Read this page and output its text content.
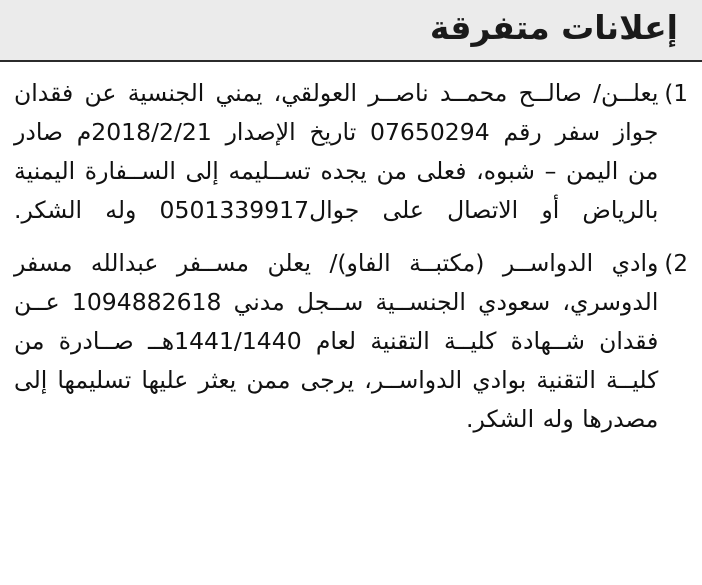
إعلانات متفرقة
1)
يعلــن/ صالــح محمــد ناصــر العولقي، يمني الجنسية عن فقدان جواز سفر رقم 07650294 تاريخ الإصدار 2018/2/21م صادر من اليمن – شبوه، فعلى من يجده تســليمه إلى الســفارة اليمنية بالرياض أو الاتصال على جوال0501339917 وله الشكر.
2)
وادي الدواســر (مكتبــة الفاو)/ يعلن مســفر عبدالله مسفر الدوسري، سعودي الجنســية ســجل مدني 1094882618 عــن فقدان شــهادة كليــة التقنية لعام 1441/1440هــ صــادرة من كليــة التقنية بوادي الدواســر، يرجى ممن يعثر عليها تسليمها إلى مصدرها وله الشكر.
